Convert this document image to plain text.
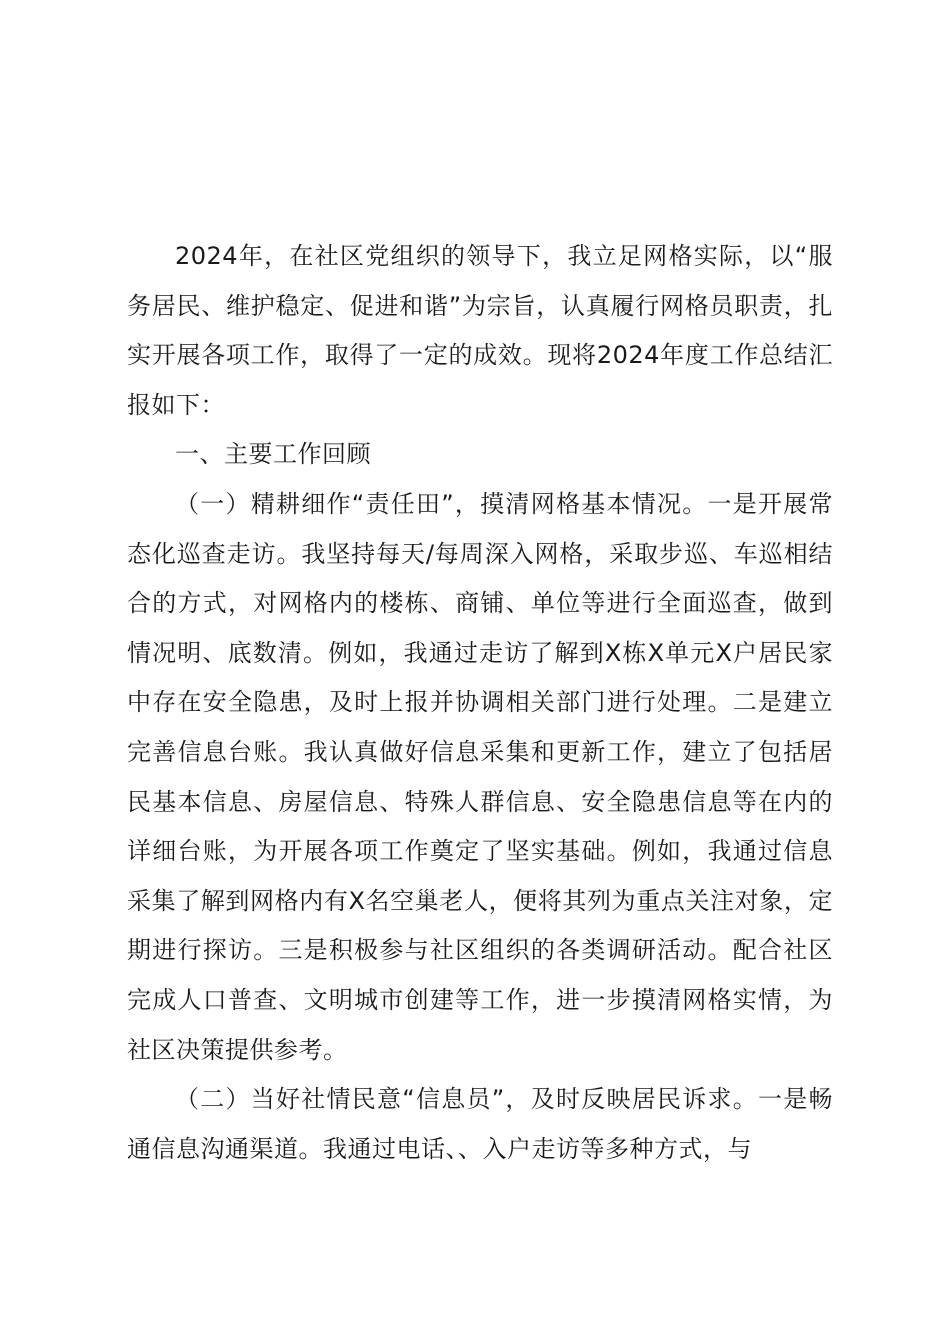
2024年，在社区党组织的领导下，我立足网格实际，以“服务居民、维护稳定、促进和谐”为宗旨，认真履行网格员职责，扎实开展各项工作，取得了一定的成效。现将2024年度工作总结汇报如下：

一、主要工作回顾

（一）精耕细作“责任田”，摸清网格基本情况。一是开展常态化巡查走访。我坚持每天/每周深入网格，采取步巡、车巡相结合的方式，对网格内的楼栋、商铺、单位等进行全面巡查，做到情况明、底数清。例如，我通过走访了解到X栋X单元X户居民家中存在安全隐患，及时上报并协调相关部门进行处理。二是建立完善信息台账。我认真做好信息采集和更新工作，建立了包括居民基本信息、房屋信息、特殊人群信息、安全隐患信息等在内的详细台账，为开展各项工作奠定了坚实基础。例如，我通过信息采集了解到网格内有X名空巢老人，便将其列为重点关注对象，定期进行探访。三是积极参与社区组织的各类调研活动。配合社区完成人口普查、文明城市创建等工作，进一步摸清网格实情，为社区决策提供参考。

（二）当好社情民意“信息员”，及时反映居民诉求。一是畅通信息沟通渠道。我通过电话、、入户走访等多种方式，与
